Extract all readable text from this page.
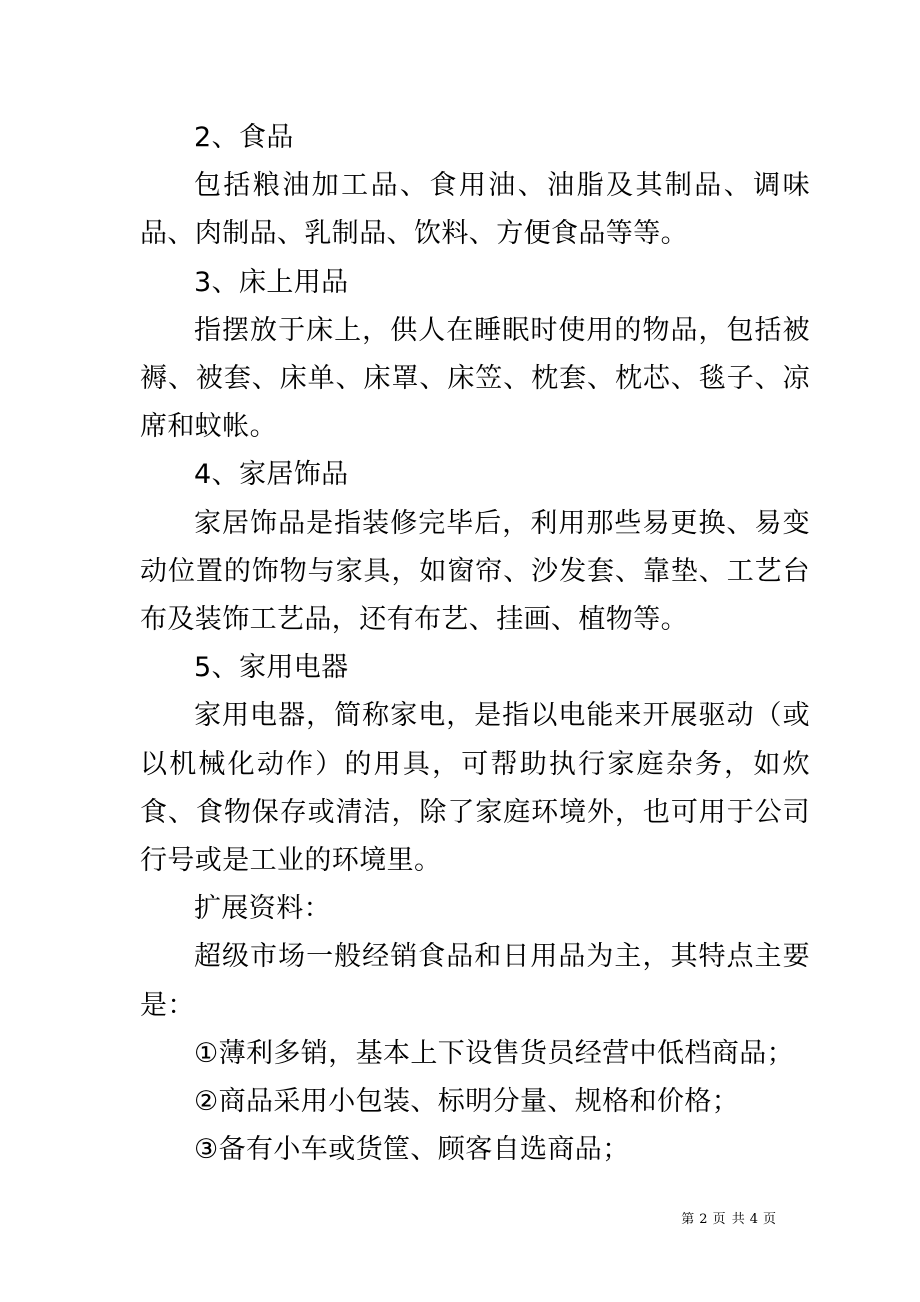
2、食品

包括粮油加工品、食用油、油脂及其制品、调味品、肉制品、乳制品、饮料、方便食品等等。

3、床上用品

指摆放于床上，供人在睡眠时使用的物品，包括被褥、被套、床单、床罩、床笠、枕套、枕芯、毯子、凉席和蚊帐。

4、家居饰品

家居饰品是指装修完毕后，利用那些易更换、易变动位置的饰物与家具，如窗帘、沙发套、靠垫、工艺台布及装饰工艺品，还有布艺、挂画、植物等。

5、家用电器

家用电器，简称家电，是指以电能来开展驱动（或以机械化动作）的用具，可帮助执行家庭杂务，如炊食、食物保存或清洁，除了家庭环境外，也可用于公司行号或是工业的环境里。

扩展资料：

超级市场一般经销食品和日用品为主，其特点主要是：

①薄利多销，基本上下设售货员经营中低档商品；

②商品采用小包装、标明分量、规格和价格；

③备有小车或货筐、顾客自选商品；

第 2 页 共 4 页
